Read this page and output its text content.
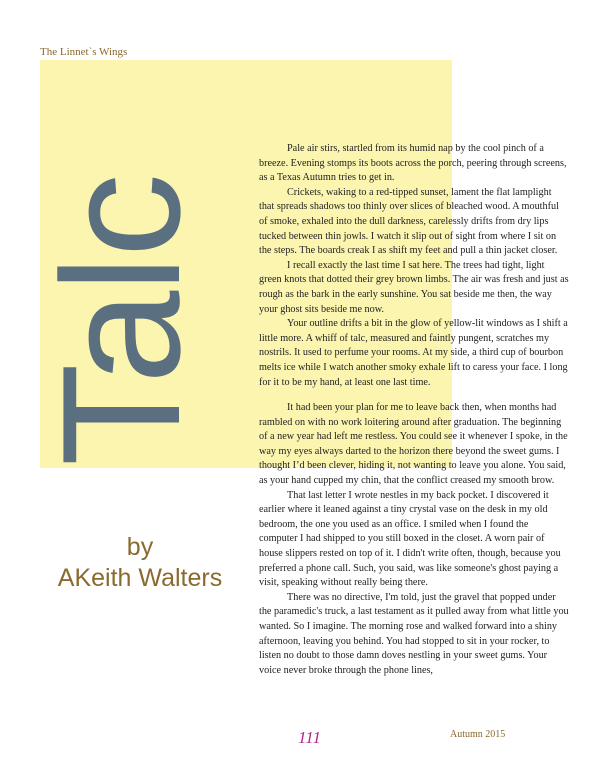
The Linnet`s Wings
Talc
by
AKeith Walters

Pale air stirs, startled from its humid nap by the cool pinch of a breeze. Evening stomps its boots across the porch, peering through screens, as a Texas Autumn tries to get in.

Crickets, waking to a red-tipped sunset, lament the flat lamplight that spreads shadows too thinly over slices of bleached wood. A mouthful of smoke, exhaled into the dull darkness, carelessly drifts from dry lips tucked between thin jowls. I watch it slip out of sight from where I sit on the steps. The boards creak I as shift my feet and pull a thin jacket closer.

I recall exactly the last time I sat here. The trees had tight, light green knots that dotted their grey brown limbs. The air was fresh and just as rough as the bark in the early sunshine. You sat beside me then, the way your ghost sits beside me now.

Your outline drifts a bit in the glow of yellow-lit windows as I shift a little more. A whiff of talc, measured and faintly pungent, scratches my nostrils. It used to perfume your rooms. At my side, a third cup of bourbon melts ice while I watch another smoky exhale lift to caress your face. I long for it to be my hand, at least one last time.

It had been your plan for me to leave back then, when months had rambled on with no work loitering around after graduation. The beginning of a new year had left me restless. You could see it whenever I spoke, in the way my eyes always darted to the horizon there beyond the sweet gums. I thought I’d been clever, hiding it, not wanting to leave you alone. You said, as your hand cupped my chin, that the conflict creased my smooth brow.

That last letter I wrote nestles in my back pocket. I discovered it earlier where it leaned against a tiny crystal vase on the desk in my old bedroom, the one you used as an office. I smiled when I found the computer I had shipped to you still boxed in the closet. A worn pair of house slippers rested on top of it. I didn't write often, though, because you preferred a phone call. Such, you said, was like someone's ghost paying a visit, speaking without really being there.

There was no directive, I'm told, just the gravel that popped under the paramedic's truck, a last testament as it pulled away from what little you wanted. So I imagine. The morning rose and walked forward into a shiny afternoon, leaving you behind. You had stopped to sit in your rocker, to listen no doubt to those damn doves nestling in your sweet gums. Your voice never broke through the phone lines,

111	Autumn 2015
